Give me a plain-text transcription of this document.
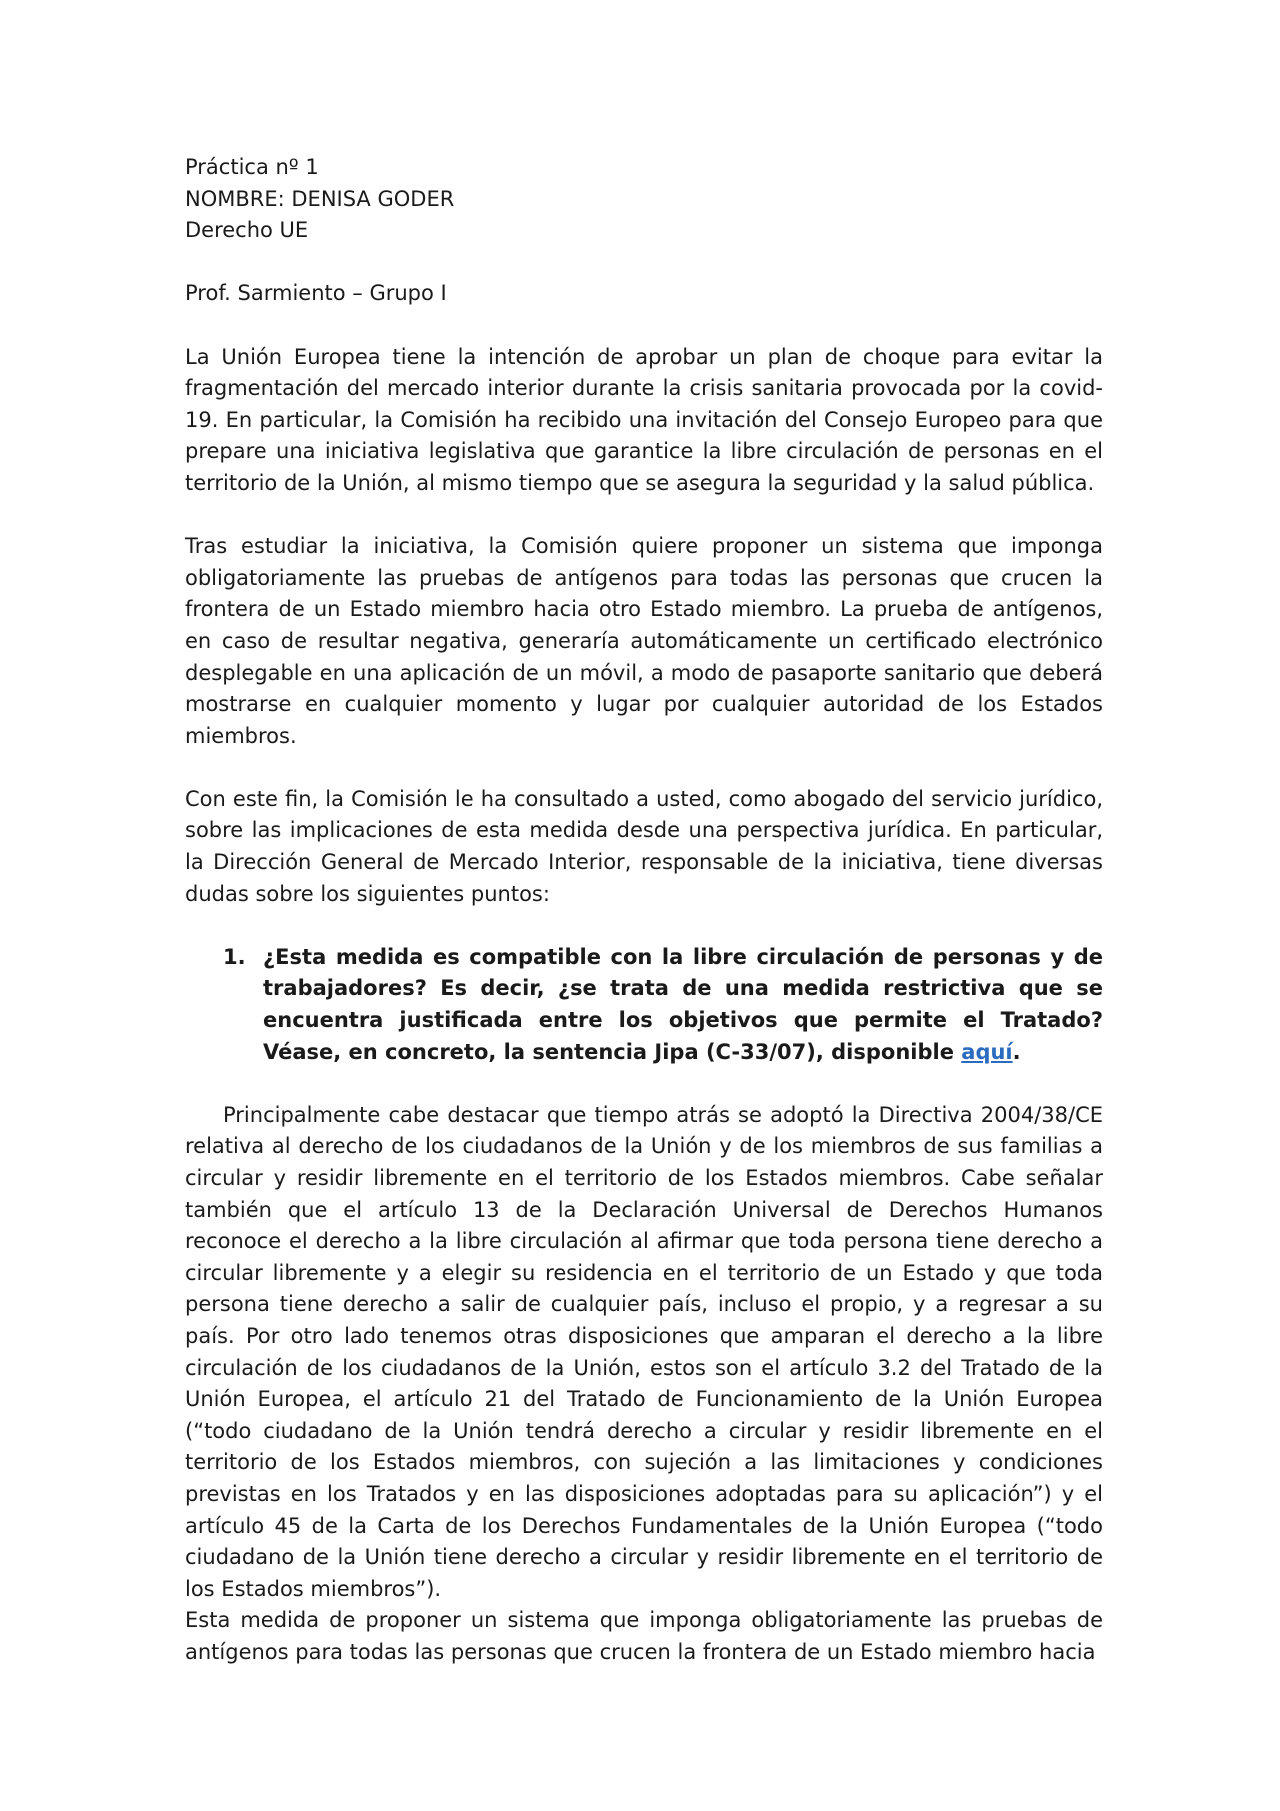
Práctica nº 1
NOMBRE: DENISA GODER
Derecho UE
Prof. Sarmiento – Grupo I

La Unión Europea tiene la intención de aprobar un plan de choque para evitar la fragmentación del mercado interior durante la crisis sanitaria provocada por la covid-19. En particular, la Comisión ha recibido una invitación del Consejo Europeo para que prepare una iniciativa legislativa que garantice la libre circulación de personas en el territorio de la Unión, al mismo tiempo que se asegura la seguridad y la salud pública.

Tras estudiar la iniciativa, la Comisión quiere proponer un sistema que imponga obligatoriamente las pruebas de antígenos para todas las personas que crucen la frontera de un Estado miembro hacia otro Estado miembro. La prueba de antígenos, en caso de resultar negativa, generaría automáticamente un certificado electrónico desplegable en una aplicación de un móvil, a modo de pasaporte sanitario que deberá mostrarse en cualquier momento y lugar por cualquier autoridad de los Estados miembros.

Con este fin, la Comisión le ha consultado a usted, como abogado del servicio jurídico, sobre las implicaciones de esta medida desde una perspectiva jurídica. En particular, la Dirección General de Mercado Interior, responsable de la iniciativa, tiene diversas dudas sobre los siguientes puntos:

1. ¿Esta medida es compatible con la libre circulación de personas y de trabajadores? Es decir, ¿se trata de una medida restrictiva que se encuentra justificada entre los objetivos que permite el Tratado? Véase, en concreto, la sentencia Jipa (C-33/07), disponible aquí.

Principalmente cabe destacar que tiempo atrás se adoptó la Directiva 2004/38/CE relativa al derecho de los ciudadanos de la Unión y de los miembros de sus familias a circular y residir libremente en el territorio de los Estados miembros. Cabe señalar también que el artículo 13 de la Declaración Universal de Derechos Humanos reconoce el derecho a la libre circulación al afirmar que toda persona tiene derecho a circular libremente y a elegir su residencia en el territorio de un Estado y que toda persona tiene derecho a salir de cualquier país, incluso el propio, y a regresar a su país. Por otro lado tenemos otras disposiciones que amparan el derecho a la libre circulación de los ciudadanos de la Unión, estos son el artículo 3.2 del Tratado de la Unión Europea, el artículo 21 del Tratado de Funcionamiento de la Unión Europea (“todo ciudadano de la Unión tendrá derecho a circular y residir libremente en el territorio de los Estados miembros, con sujeción a las limitaciones y condiciones previstas en los Tratados y en las disposiciones adoptadas para su aplicación”) y el artículo 45 de la Carta de los Derechos Fundamentales de la Unión Europea (“todo ciudadano de la Unión tiene derecho a circular y residir libremente en el territorio de los Estados miembros”).

Esta medida de proponer un sistema que imponga obligatoriamente las pruebas de antígenos para todas las personas que crucen la frontera de un Estado miembro hacia
